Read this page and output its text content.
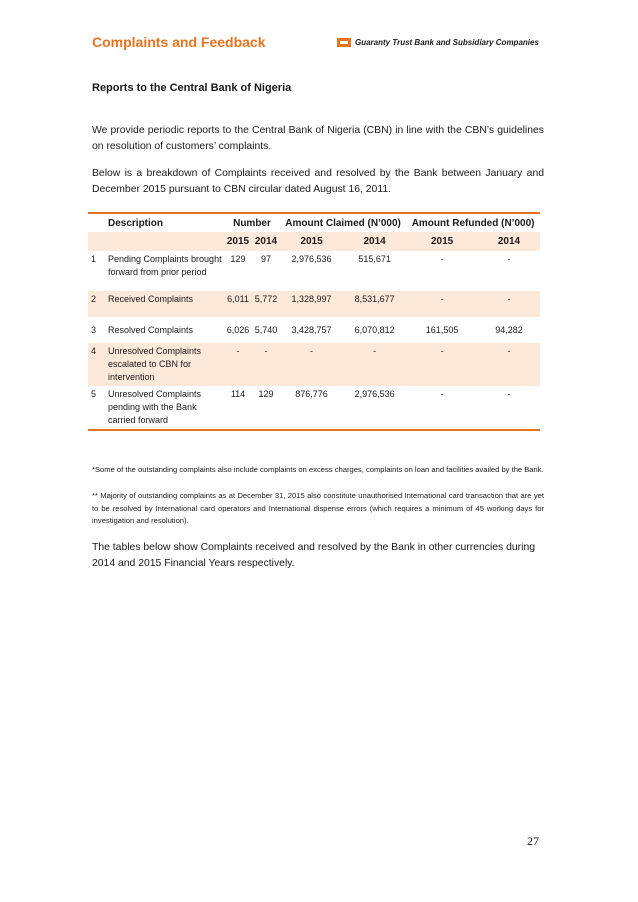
Complaints and Feedback	Guaranty Trust Bank and Subsidiary Companies
Reports to the Central Bank of Nigeria

We provide periodic reports to the Central Bank of Nigeria (CBN) in line with the CBN’s guidelines on resolution of customers’ complaints.

Below is a breakdown of Complaints received and resolved by the Bank between January and December 2015 pursuant to CBN circular dated August 16, 2011.

	Description	Number		Amount Claimed (N’000)		Amount Refunded (N’000)	
		2015	2014	2015	2014	2015	2014
1	Pending Complaints brought forward from prior period	129	97	2,976,536	515,671	-	-
2	Received Complaints	6,011	5,772	1,328,997	8,531,677	-	-
3	Resolved Complaints	6,026	5,740	3,428,757	6,070,812	161,505	94,282
4	Unresolved Complaints escalated to CBN for intervention	-	-	-	-	-	-
5	Unresolved Complaints pending with the Bank carried forward	114	129	876,776	2,976,536	-	-

*Some of the outstanding complaints also include complaints on excess charges, complaints on loan and facilities availed by the Bank.

** Majority of outstanding complaints as at December 31, 2015 also constitute unauthorised International card transaction that are yet to be resolved by International card operators and International dispense errors (which requires a minimum of 45 working days for investigation and resolution).

The tables below show Complaints received and resolved by the Bank in other currencies during 2014 and 2015 Financial Years respectively.

27
